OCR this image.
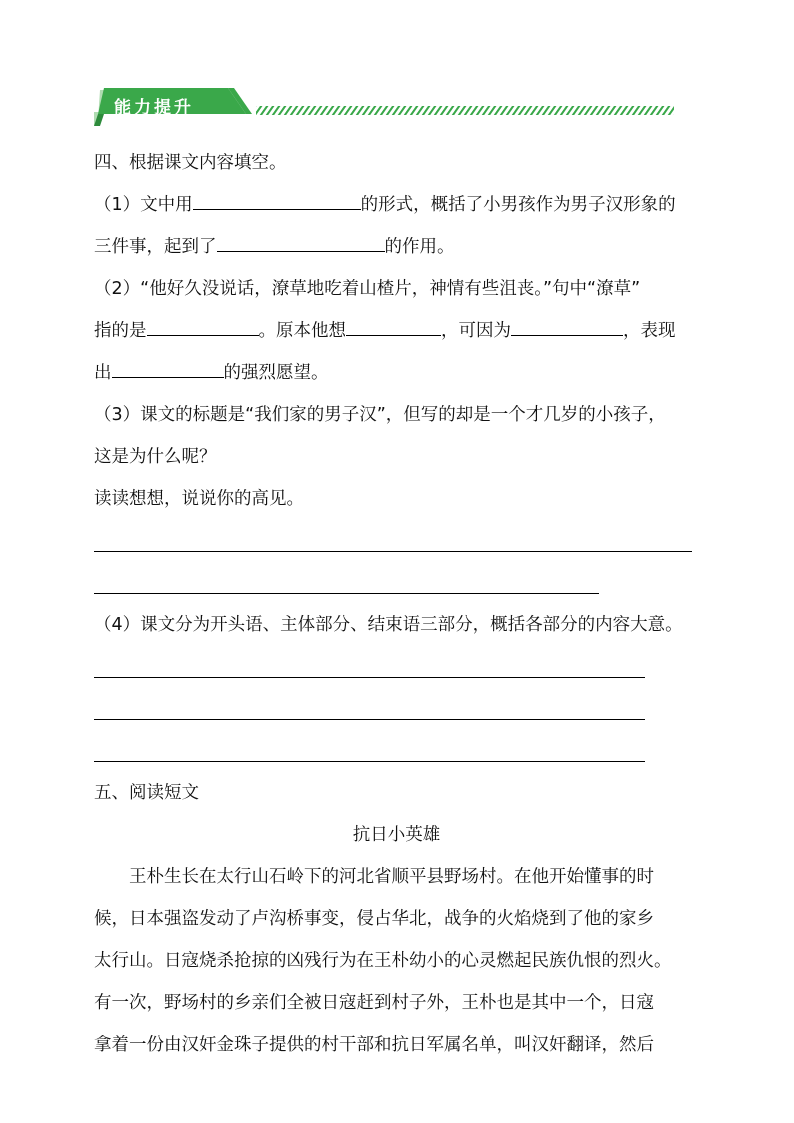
能力提升
四、根据课文内容填空。
（1）文中用	的形式，概括了小男孩作为男子汉形象的
三件事，起到了	的作用。
（2）“他好久没说话，潦草地吃着山楂片，神情有些沮丧。”句中“潦草”
指的是	。原本他想	，可因为	，表现
出	的强烈愿望。
（3）课文的标题是“我们家的男子汉”，但写的却是一个才几岁的小孩子，
这是为什么呢？
读读想想，说说你的高见。
（4）课文分为开头语、主体部分、结束语三部分，概括各部分的内容大意。
五、阅读短文
抗日小英雄
王朴生长在太行山石岭下的河北省顺平县野场村。在他开始懂事的时
候，日本强盗发动了卢沟桥事变，侵占华北，战争的火焰烧到了他的家乡
太行山。日寇烧杀抢掠的凶残行为在王朴幼小的心灵燃起民族仇恨的烈火。
有一次，野场村的乡亲们全被日寇赶到村子外，王朴也是其中一个，日寇
拿着一份由汉奸金珠子提供的村干部和抗日军属名单，叫汉奸翻译，然后
